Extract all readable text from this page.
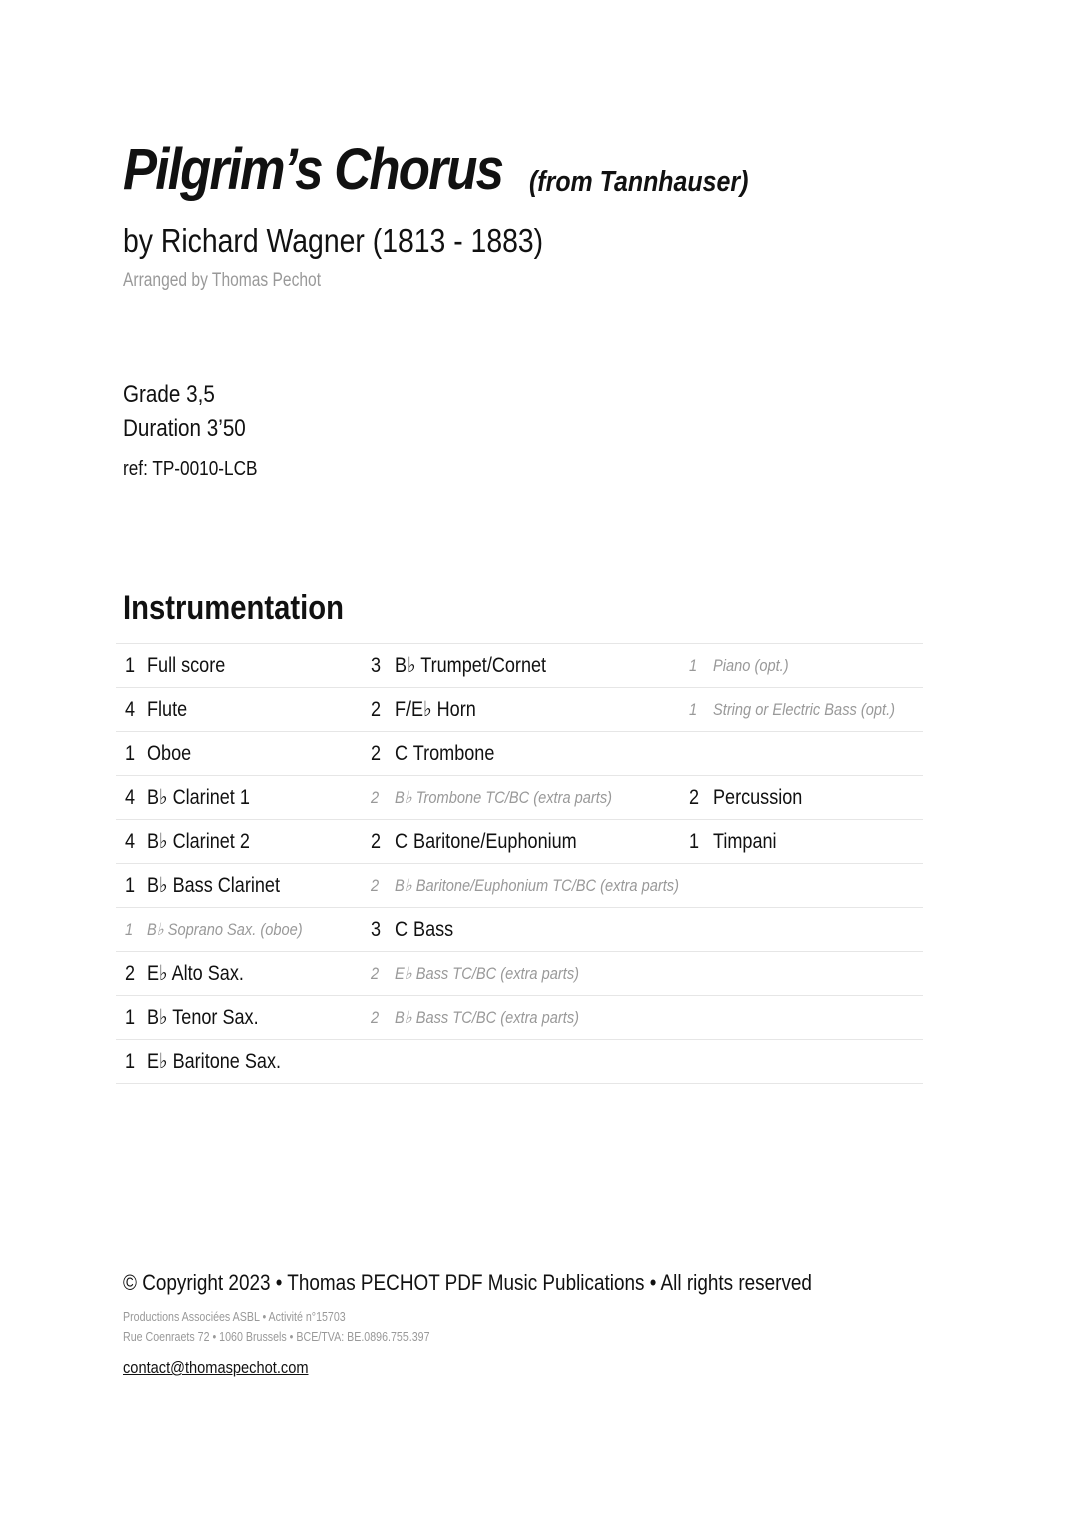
Pilgrim’s Chorus (from Tannhauser)
by Richard Wagner (1813 - 1883)
Arranged by Thomas Pechot
Grade 3,5
Duration 3’50
ref: TP-0010-LCB
Instrumentation
1 Full score	3 B♭ Trumpet/Cornet	1 Piano (opt.)
4 Flute	2 F/E♭ Horn	1 String or Electric Bass (opt.)
1 Oboe	2 C Trombone
4 B♭ Clarinet 1	2 B♭ Trombone TC/BC (extra parts)	2 Percussion
4 B♭ Clarinet 2	2 C Baritone/Euphonium	1 Timpani
1 B♭ Bass Clarinet	2 B♭ Baritone/Euphonium TC/BC (extra parts)
1 B♭ Soprano Sax. (oboe)	3 C Bass
2 E♭ Alto Sax.	2 E♭ Bass TC/BC (extra parts)
1 B♭ Tenor Sax.	2 B♭ Bass TC/BC (extra parts)
1 E♭ Baritone Sax.
© Copyright 2023 • Thomas PECHOT PDF Music Publications • All rights reserved
Productions Associées ASBL • Activité n°15703
Rue Coenraets 72 • 1060 Brussels • BCE/TVA: BE.0896.755.397
contact@thomaspechot.com
